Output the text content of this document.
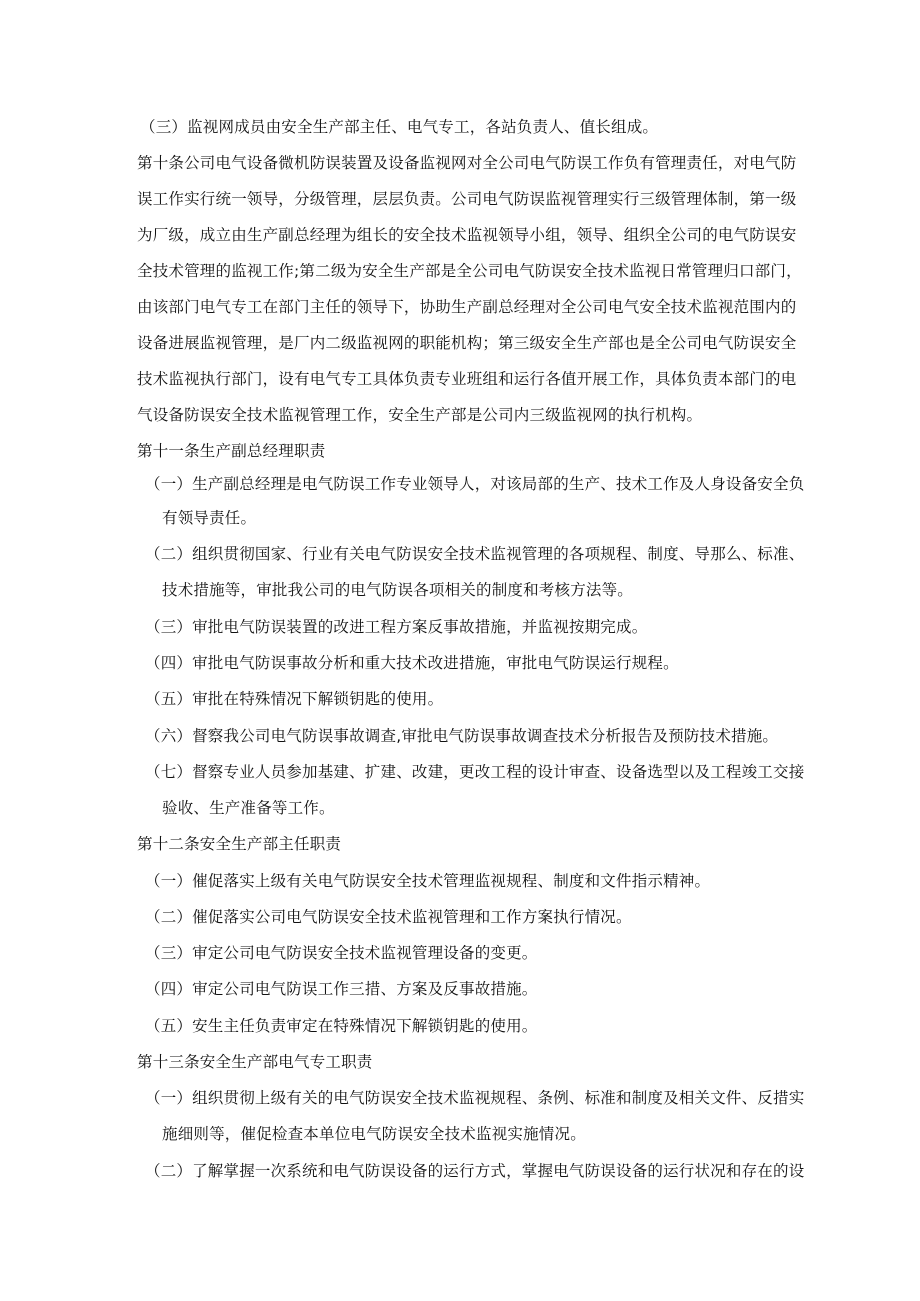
（三）监视网成员由安全生产部主任、电气专工，各站负责人、值长组成。
第十条公司电气设备微机防误装置及设备监视网对全公司电气防误工作负有管理责任，对电气防
误工作实行统一领导，分级管理，层层负责。公司电气防误监视管理实行三级管理体制，第一级
为厂级，成立由生产副总经理为组长的安全技术监视领导小组，领导、组织全公司的电气防误安
全技术管理的监视工作;第二级为安全生产部是全公司电气防误安全技术监视日常管理归口部门，
由该部门电气专工在部门主任的领导下，协助生产副总经理对全公司电气安全技术监视范围内的
设备进展监视管理，是厂内二级监视网的职能机构；第三级安全生产部也是全公司电气防误安全
技术监视执行部门，设有电气专工具体负责专业班组和运行各值开展工作，具体负责本部门的电
气设备防误安全技术监视管理工作，安全生产部是公司内三级监视网的执行机构。
第十一条生产副总经理职责
（一）生产副总经理是电气防误工作专业领导人，对该局部的生产、技术工作及人身设备安全负
有领导责任。
（二）组织贯彻国家、行业有关电气防误安全技术监视管理的各项规程、制度、导那么、标准、
技术措施等，审批我公司的电气防误各项相关的制度和考核方法等。
（三）审批电气防误装置的改进工程方案反事故措施，并监视按期完成。
（四）审批电气防误事故分析和重大技术改进措施，审批电气防误运行规程。
（五）审批在特殊情况下解锁钥匙的使用。
（六）督察我公司电气防误事故调查,审批电气防误事故调查技术分析报告及预防技术措施。
（七）督察专业人员参加基建、扩建、改建，更改工程的设计审查、设备选型以及工程竣工交接
验收、生产准备等工作。
第十二条安全生产部主任职责
（一）催促落实上级有关电气防误安全技术管理监视规程、制度和文件指示精神。
（二）催促落实公司电气防误安全技术监视管理和工作方案执行情况。
（三）审定公司电气防误安全技术监视管理设备的变更。
（四）审定公司电气防误工作三措、方案及反事故措施。
（五）安生主任负责审定在特殊情况下解锁钥匙的使用。
第十三条安全生产部电气专工职责
（一）组织贯彻上级有关的电气防误安全技术监视规程、条例、标准和制度及相关文件、反措实
施细则等，催促检查本单位电气防误安全技术监视实施情况。
（二）了解掌握一次系统和电气防误设备的运行方式，掌握电气防误设备的运行状况和存在的设
